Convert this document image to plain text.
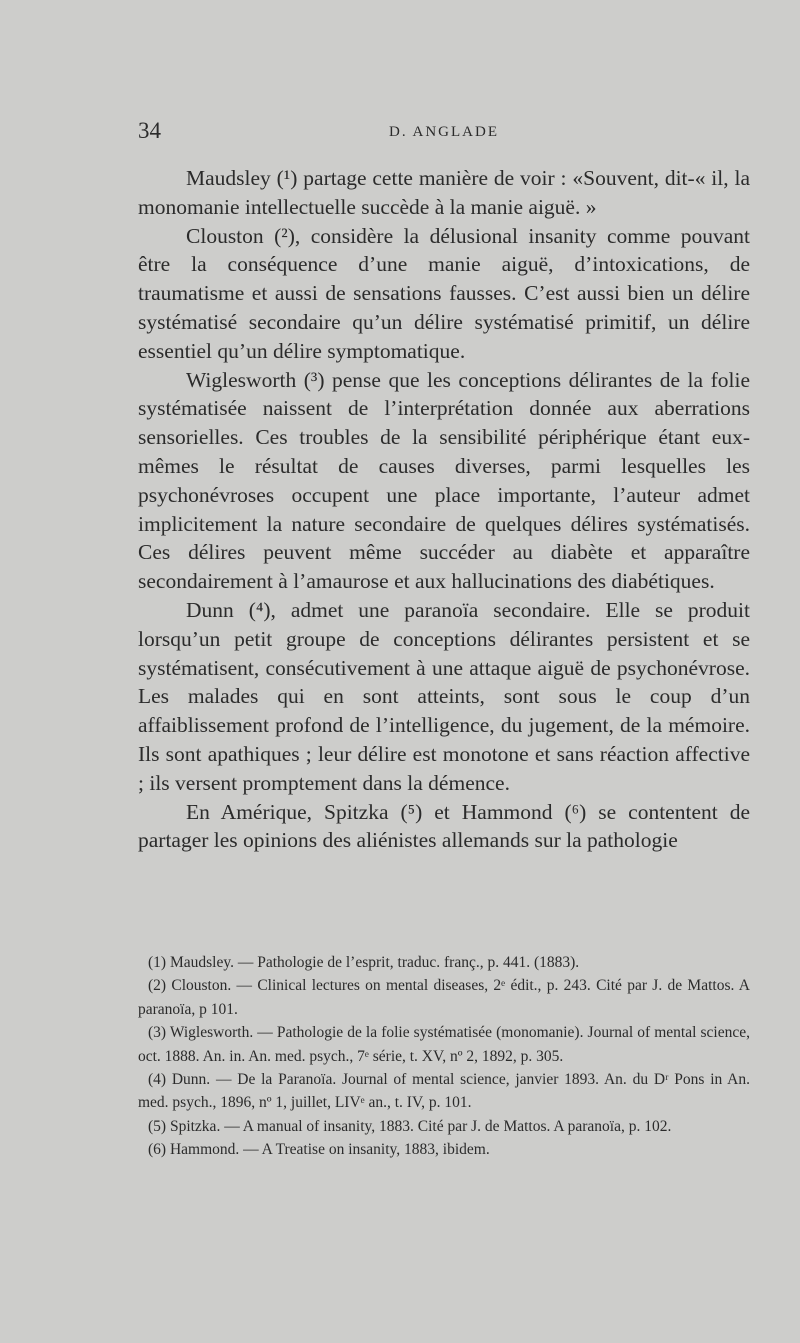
34	D. ANGLADE

Maudsley (¹) partage cette manière de voir : «Souvent, dit-« il, la monomanie intellectuelle succède à la manie aiguë. »

Clouston (²), considère la délusional insanity comme pouvant être la conséquence d’une manie aiguë, d’intoxications, de traumatisme et aussi de sensations fausses. C’est aussi bien un délire systématisé secondaire qu’un délire systématisé primitif, un délire essentiel qu’un délire symptomatique.

Wiglesworth (³) pense que les conceptions délirantes de la folie systématisée naissent de l’interprétation donnée aux aberrations sensorielles. Ces troubles de la sensibilité périphérique étant eux-mêmes le résultat de causes diverses, parmi lesquelles les psychonévroses occupent une place importante, l’auteur admet implicitement la nature secondaire de quelques délires systématisés. Ces délires peuvent même succéder au diabète et apparaître secondairement à l’amaurose et aux hallucinations des diabétiques.

Dunn (⁴), admet une paranoïa secondaire. Elle se produit lorsqu’un petit groupe de conceptions délirantes persistent et se systématisent, consécutivement à une attaque aiguë de psychonévrose. Les malades qui en sont atteints, sont sous le coup d’un affaiblissement profond de l’intelligence, du jugement, de la mémoire. Ils sont apathiques ; leur délire est monotone et sans réaction affective ; ils versent promptement dans la démence.

En Amérique, Spitzka (⁵) et Hammond (⁶) se contentent de partager les opinions des aliénistes allemands sur la pathologie

(1) Maudsley. — Pathologie de l’esprit, traduc. franç., p. 441. (1883).

(2) Clouston. — Clinical lectures on mental diseases, 2ᵉ édit., p. 243. Cité par J. de Mattos. A paranoïa, p 101.

(3) Wiglesworth. — Pathologie de la folie systématisée (monomanie). Journal of mental science, oct. 1888. An. in. An. med. psych., 7ᵉ série, t. XV, nº 2, 1892, p. 305.

(4) Dunn. — De la Paranoïa. Journal of mental science, janvier 1893. An. du Dʳ Pons in An. med. psych., 1896, nº 1, juillet, LIVᵉ an., t. IV, p. 101.

(5) Spitzka. — A manual of insanity, 1883. Cité par J. de Mattos. A paranoïa, p. 102.

(6) Hammond. — A Treatise on insanity, 1883, ibidem.
